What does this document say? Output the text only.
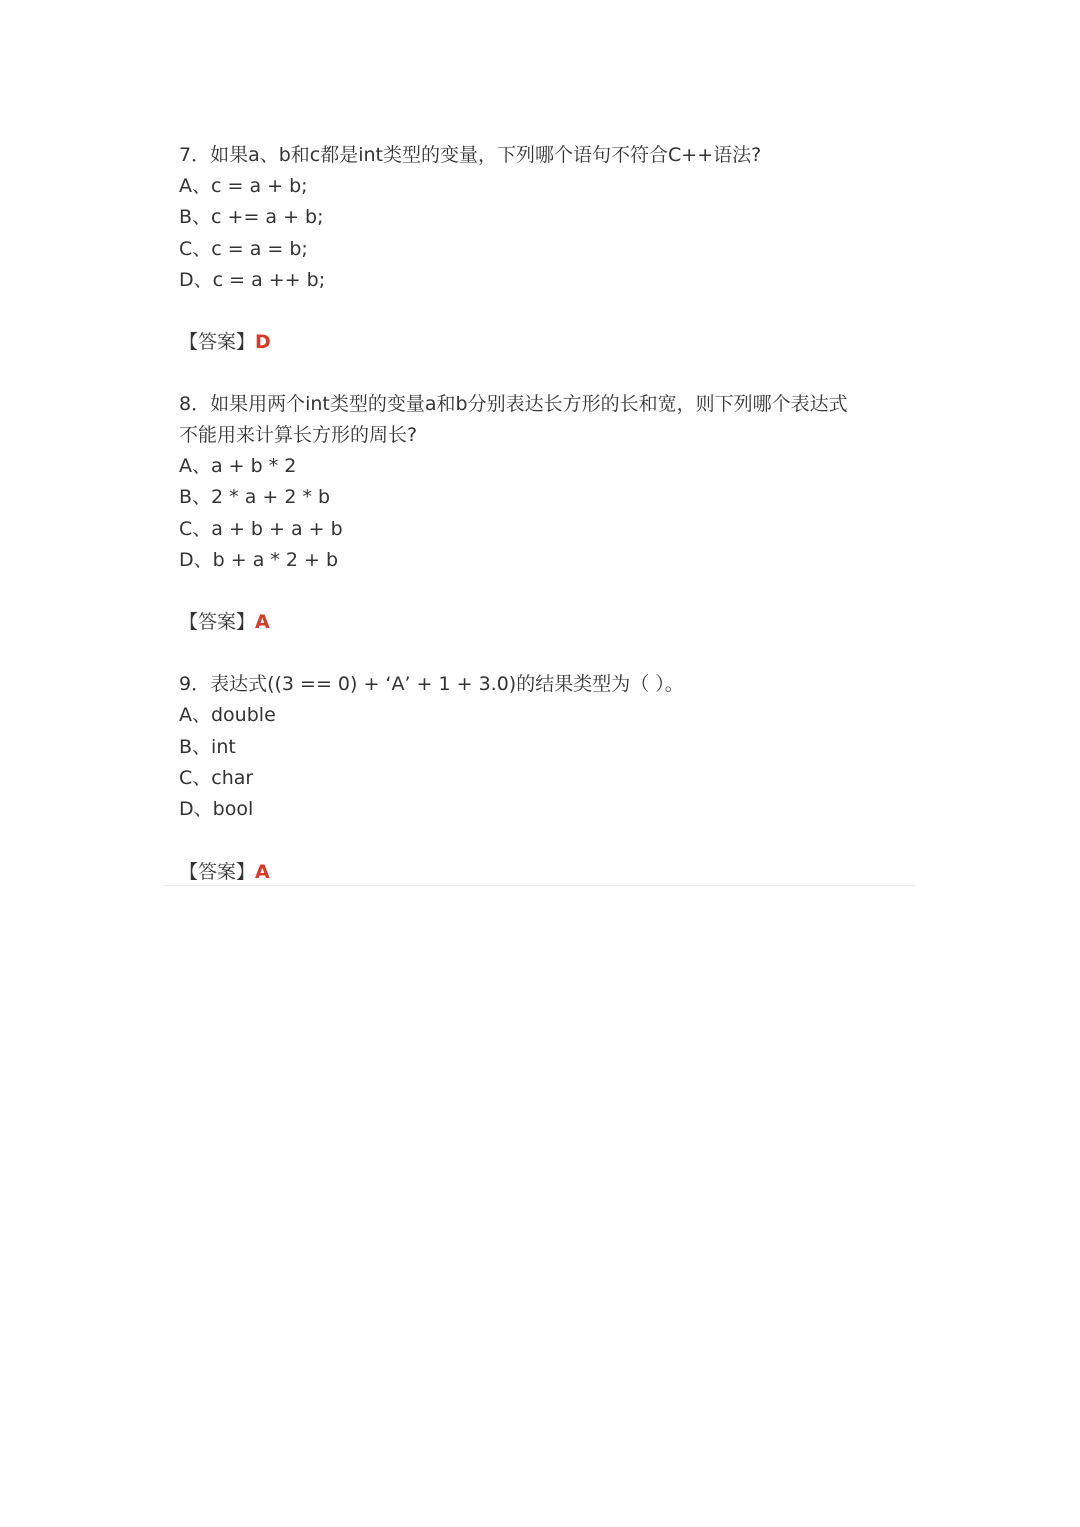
7．如果a、b和c都是int类型的变量，下列哪个语句不符合C++语法?

A、c = a + b;

B、c += a + b;

C、c = a = b;

D、c = a ++ b;

【答案】D

8．如果用两个int类型的变量a和b分别表达长方形的长和宽，则下列哪个表达式

不能用来计算长方形的周长?

A、a + b * 2

B、2 * a + 2 * b

C、a + b + a + b

D、b + a * 2 + b

【答案】A

9．表达式((3 == 0) + ‘A’ + 1 + 3.0)的结果类型为（ ）。

A、double

B、int

C、char

D、bool

【答案】A
